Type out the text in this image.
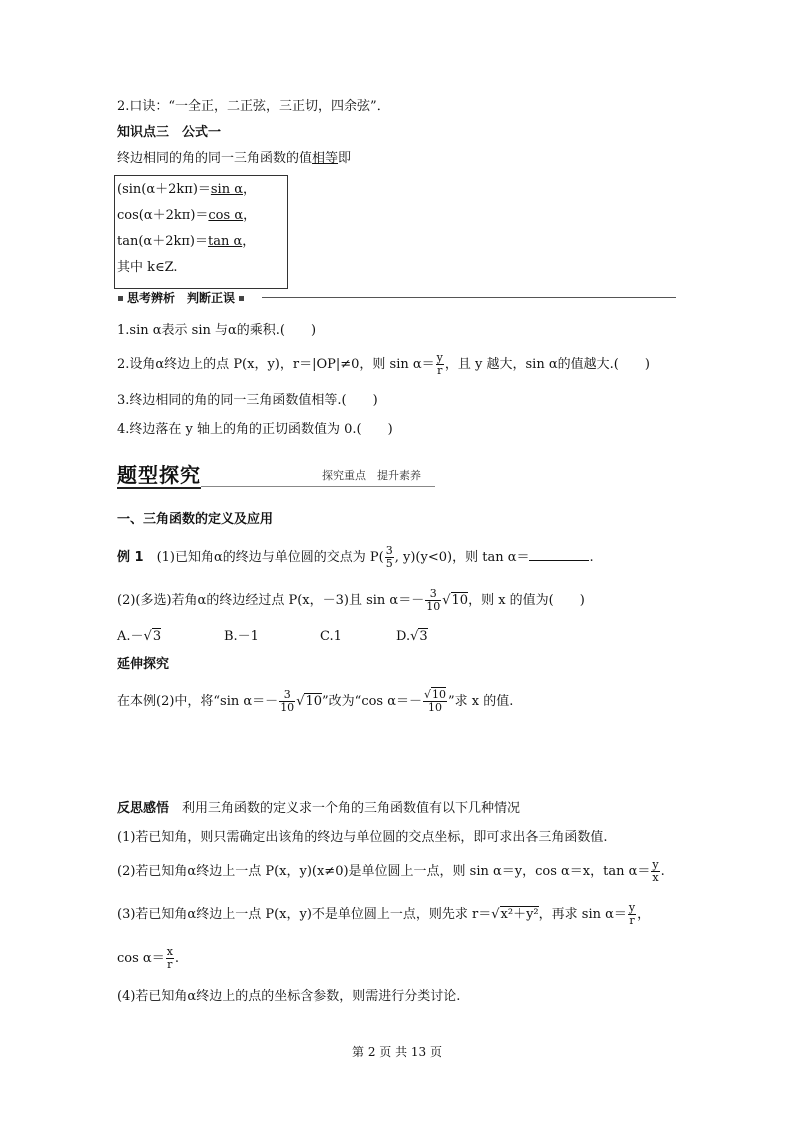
2.口诀：“一全正，二正弦，三正切，四余弦”．
知识点三　公式一
终边相同的角的同一三角函数的值相等即
(sin(α＋2kπ)＝sin α，
cos(α＋2kπ)＝cos α，
tan(α＋2kπ)＝tan α，
其中 k∈Z.
思考辨析　判断正误
1.sin α表示 sin 与α的乘积.(　　)
2.设角α终边上的点 P(x，y)，r＝|OP|≠0，则 $\sin \alpha= \frac{y}{r}$ ，且 y 越大，sin α的值越大.(　　)
3.终边相同的角的同一三角函数值相等.(　　)
4.终边落在 y 轴上的角的正切函数值为 0.(　　)
题型探究	探究重点　提升素养
一、三角函数的定义及应用
例 1　 (1)已知角α的终边与单位圆的交点为 $P( \frac{3}{5}$ , y)(y<0)，则 tan α＝	.
(2)(多选)若角α的终边经过点 P(x，－3)且 $\sin \alpha=- \frac{3}{10} √10$，则 x 的值为(　　)
A.－√3	B.－1	C.1	D.√3
延伸探究
在本例(2)中，将“sin $\alpha=- \frac{3}{10} √10$”改为“cos $\alpha=- \frac{√10}{10}$ ”求 x 的值.
反思感悟　 利用三角函数的定义求一个角的三角函数值有以下几种情况
(1)若已知角，则只需确定出该角的终边与单位圆的交点坐标，即可求出各三角函数值.
(2)若已知角α终边上一点 P(x，y)(x≠0)是单位圆上一点，则 sin α＝y，cos α＝x，$\tan \alpha= \frac{y}{x}$ .
(3)若已知角α终边上一点 P(x，y)不是单位圆上一点，则先求 r＝√x²＋y²，再求 $\sin \alpha= \frac{y}{r}$ ，
$\cos \alpha= \frac{x}{r}$ .
(4)若已知角α终边上的点的坐标含参数，则需进行分类讨论.
第 2 页 共 13 页
